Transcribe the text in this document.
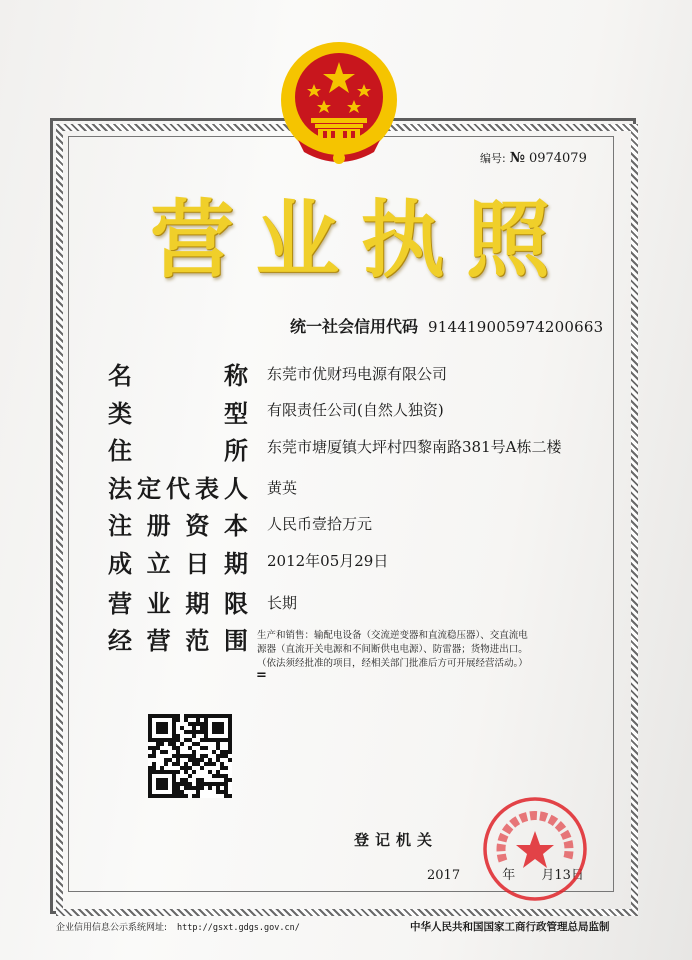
编号: № 0974079
营 业 执 照
统一社会信用代码 914419005974200663
名	称 东莞市优财玛电源有限公司
类	型 有限责任公司(自然人独资)
住	所 东莞市塘厦镇大坪村四黎南路381号A栋二楼
法 定 代 表 人 黄英
注 册 资 本 人民币壹拾万元
成 立 日 期 2012年05月29日
营 业 期 限 长期
经 营 范 围 生产和销售：输配电设备（交流逆变器和直流稳压器）、交直流电
源器（直流开关电源和不间断供电电源）、防雷器；货物进出口。
（依法须经批准的项目，经相关部门批准后方可开展经营活动。）
=
登记机关
2017	年 月13日
企业信用信息公示系统网址: http://gsxt.gdgs.gov.cn/	中华人民共和国国家工商行政管理总局监制
